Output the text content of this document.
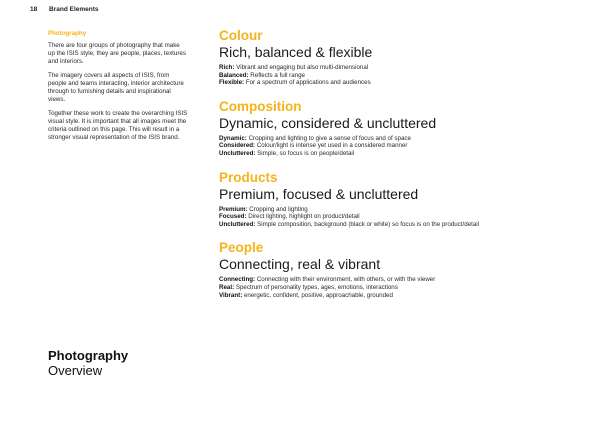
18 Brand Elements
Photography

There are four groups of photography that make up the ISIS style, they are people, places, textures and interiors.

The imagery covers all aspects of ISIS, from people and teams interacting, interior architecture through to furnishing details and inspirational views.

Together these work to create the overarching ISIS visual style. It is important that all images meet the criteria outlined on this page. This will result in a stronger visual representation of the ISIS brand.

Colour
Rich, balanced & flexible
Rich: Vibrant and engaging but also multi-dimensional
Balanced: Reflects a full range
Flexible: For a spectrum of applications and audiences
Composition
Dynamic, considered & uncluttered
Dynamic: Cropping and lighting to give a sense of focus and of space
Considered: Colour/light is intense yet used in a considered manner
Uncluttered: Simple, so focus is on people/detail
Products
Premium, focused & uncluttered
Premium: Cropping and lighting
Focused: Direct lighting, highlight on product/detail
Uncluttered: Simple composition, background (black or white) so focus is on the product/detail
People
Connecting, real & vibrant
Connecting: Connecting with their environment, with others, or with the viewer
Real: Spectrum of personality types, ages, emotions, interactions
Vibrant: energetic, confident, positive, approachable, grounded
Photography
Overview
